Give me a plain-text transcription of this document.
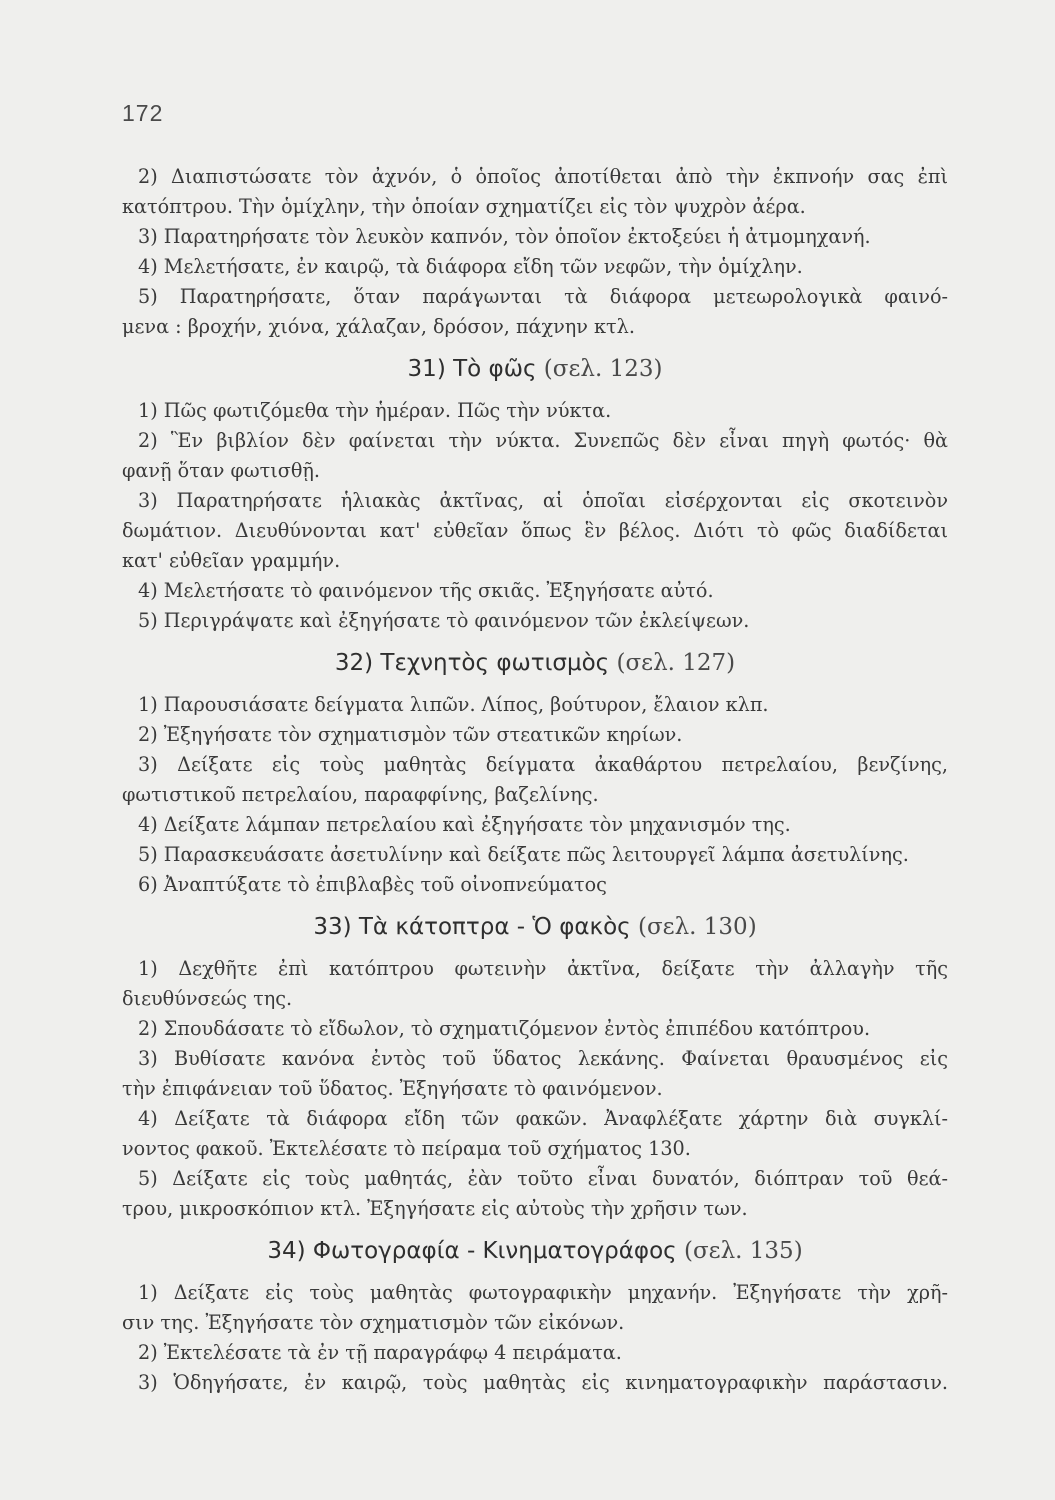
172
2) Διαπιστώσατε τὸν ἀχνόν, ὁ ὁποῖος ἀποτίθεται ἀπὸ τὴν ἐκπνοήν σας ἐπὶ
κατόπτρου. Τὴν ὁμίχλην, τὴν ὁποίαν σχηματίζει εἰς τὸν ψυχρὸν ἀέρα.
3) Παρατηρήσατε τὸν λευκὸν καπνόν, τὸν ὁποῖον ἐκτοξεύει ἡ ἀτμομηχανή.
4) Μελετήσατε, ἐν καιρῷ, τὰ διάφορα εἴδη τῶν νεφῶν, τὴν ὁμίχλην.
5) Παρατηρήσατε, ὅταν παράγωνται τὰ διάφορα μετεωρολογικὰ φαινό-
μενα : βροχήν, χιόνα, χάλαζαν, δρόσον, πάχνην κτλ.
31) Τὸ φῶς (σελ. 123)
1) Πῶς φωτιζόμεθα τὴν ἡμέραν. Πῶς τὴν νύκτα.
2) Ἓν βιβλίον δὲν φαίνεται τὴν νύκτα. Συνεπῶς δὲν εἶναι πηγὴ φωτός· θὰ
φανῇ ὅταν φωτισθῇ.
3) Παρατηρήσατε ἡλιακὰς ἀκτῖνας, αἱ ὁποῖαι εἰσέρχονται εἰς σκοτεινὸν
δωμάτιον. Διευθύνονται κατ' εὐθεῖαν ὅπως ἓν βέλος. Διότι τὸ φῶς διαδίδεται
κατ' εὐθεῖαν γραμμήν.
4) Μελετήσατε τὸ φαινόμενον τῆς σκιᾶς. Ἐξηγήσατε αὐτό.
5) Περιγράψατε καὶ ἐξηγήσατε τὸ φαινόμενον τῶν ἐκλείψεων.
32) Τεχνητὸς φωτισμὸς (σελ. 127)
1) Παρουσιάσατε δείγματα λιπῶν. Λίπος, βούτυρον, ἔλαιον κλπ.
2) Ἐξηγήσατε τὸν σχηματισμὸν τῶν στεατικῶν κηρίων.
3) Δείξατε εἰς τοὺς μαθητὰς δείγματα ἀκαθάρτου πετρελαίου, βενζίνης,
φωτιστικοῦ πετρελαίου, παραφφίνης, βαζελίνης.
4) Δείξατε λάμπαν πετρελαίου καὶ ἐξηγήσατε τὸν μηχανισμόν της.
5) Παρασκευάσατε ἀσετυλίνην καὶ δείξατε πῶς λειτουργεῖ λάμπα ἀσετυλίνης.
6) Ἀναπτύξατε τὸ ἐπιβλαβὲς τοῦ οἰνοπνεύματος
33) Τὰ κάτοπτρα - Ὁ φακὸς (σελ. 130)
1) Δεχθῆτε ἐπὶ κατόπτρου φωτεινὴν ἀκτῖνα, δείξατε τὴν ἀλλαγὴν τῆς
διευθύνσεώς της.
2) Σπουδάσατε τὸ εἴδωλον, τὸ σχηματιζόμενον ἐντὸς ἐπιπέδου κατόπτρου.
3) Βυθίσατε κανόνα ἐντὸς τοῦ ὕδατος λεκάνης. Φαίνεται θραυσμένος εἰς
τὴν ἐπιφάνειαν τοῦ ὕδατος. Ἐξηγήσατε τὸ φαινόμενον.
4) Δείξατε τὰ διάφορα εἴδη τῶν φακῶν. Ἀναφλέξατε χάρτην διὰ συγκλί-
νοντος φακοῦ. Ἐκτελέσατε τὸ πείραμα τοῦ σχήματος 130.
5) Δείξατε εἰς τοὺς μαθητάς, ἐὰν τοῦτο εἶναι δυνατόν, διόπτραν τοῦ θεά-
τρου, μικροσκόπιον κτλ. Ἐξηγήσατε εἰς αὐτοὺς τὴν χρῆσιν των.
34) Φωτογραφία - Κινηματογράφος (σελ. 135)
1) Δείξατε εἰς τοὺς μαθητὰς φωτογραφικὴν μηχανήν. Ἐξηγήσατε τὴν χρῆ-
σιν της. Ἐξηγήσατε τὸν σχηματισμὸν τῶν εἰκόνων.
2) Ἐκτελέσατε τὰ ἐν τῇ παραγράφῳ 4 πειράματα.
3) Ὁδηγήσατε, ἐν καιρῷ, τοὺς μαθητὰς εἰς κινηματογραφικὴν παράστασιν.
